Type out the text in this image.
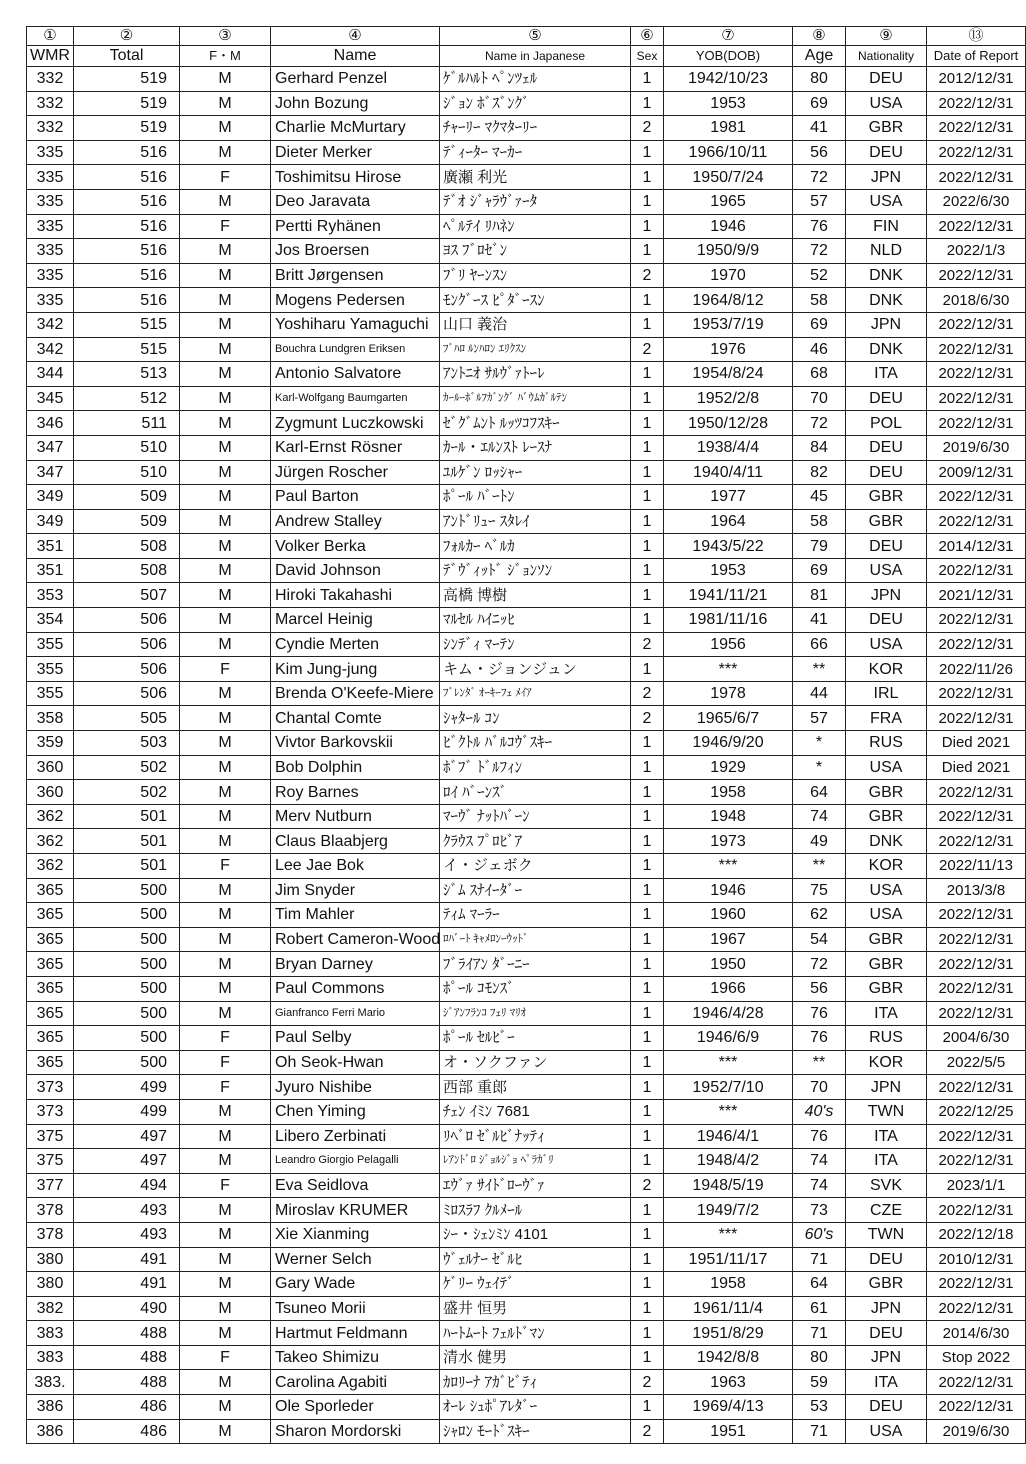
①	②	③	④	⑤	⑥	⑦	⑧	⑨	⑬
WMR	Total	F・M	Name	Name in Japanese	Sex	YOB(DOB)	Age	Nationality	Date of Report
332	519	M	Gerhard Penzel	ｹﾞﾙﾊﾙﾄ ﾍﾟﾝﾂｪﾙ	1	1942/10/23	80	DEU	2012/12/31
332	519	M	John Bozung	ｼﾞｮﾝ ﾎﾞｽﾞﾝｸﾞ	1	1953	69	USA	2022/12/31
332	519	M	Charlie McMurtary	ﾁｬｰﾘｰ ﾏｸﾏﾀｰﾘｰ	2	1981	41	GBR	2022/12/31
335	516	M	Dieter Merker	ﾃﾞｨｰﾀｰ ﾏｰｶｰ	1	1966/10/11	56	DEU	2022/12/31
335	516	F	Toshimitsu Hirose	廣瀬 利光	1	1950/7/24	72	JPN	2022/12/31
335	516	M	Deo Jaravata	ﾃﾞｵ ｼﾞｬﾗｳﾞｧｰﾀ	1	1965	57	USA	2022/6/30
335	516	F	Pertti Ryhänen	ﾍﾟﾙﾃｲ ﾘﾊﾈﾝ	1	1946	76	FIN	2022/12/31
335	516	M	Jos Broersen	ﾖｽ ﾌﾞﾛｾﾞﾝ	1	1950/9/9	72	NLD	2022/1/3
335	516	M	Britt Jørgensen	ﾌﾞﾘ ﾔｰﾝｽﾝ	2	1970	52	DNK	2022/12/31
335	516	M	Mogens Pedersen	ﾓﾝｸﾞｰｽ ﾋﾟﾀﾞｰｽﾝ	1	1964/8/12	58	DNK	2018/6/30
342	515	M	Yoshiharu Yamaguchi	山口 義治	1	1953/7/19	69	JPN	2022/12/31
342	515	M	Bouchra Lundgren Eriksen	ﾌﾞﾊﾛ ﾙﾝﾊﾛﾝ ｴﾘｸｽﾝ	2	1976	46	DNK	2022/12/31
344	513	M	Antonio Salvatore	ｱﾝﾄﾆｵ ｻﾙｳﾞｧﾄｰﾚ	1	1954/8/24	68	ITA	2022/12/31
345	512	M	Karl-Wolfgang Baumgarten	ｶｰﾙｰﾎﾞﾙﾌｶﾞﾝｸﾞ ﾊﾞｳﾑｶﾞﾙﾃﾝ	1	1952/2/8	70	DEU	2022/12/31
346	511	M	Zygmunt Luczkowski	ｾﾞｸﾞﾑﾝﾄ ﾙｯﾂｺﾌｽｷｰ	1	1950/12/28	72	POL	2022/12/31
347	510	M	Karl-Ernst Rösner	ｶｰﾙ・ｴﾙﾝｽﾄ ﾚｰｽﾅ	1	1938/4/4	84	DEU	2019/6/30
347	510	M	Jürgen Roscher	ﾕﾙｹﾞﾝ ﾛｯｼｬｰ	1	1940/4/11	82	DEU	2009/12/31
349	509	M	Paul Barton	ﾎﾟｰﾙ ﾊﾞｰﾄﾝ	1	1977	45	GBR	2022/12/31
349	509	M	Andrew Stalley	ｱﾝﾄﾞﾘｭｰ ｽﾀﾚｲ	1	1964	58	GBR	2022/12/31
351	508	M	Volker Berka	ﾌｫﾙｶｰ ﾍﾞﾙｶ	1	1943/5/22	79	DEU	2014/12/31
351	508	M	David Johnson	ﾃﾞｳﾞｨｯﾄﾞ ｼﾞｮﾝｿﾝ	1	1953	69	USA	2022/12/31
353	507	M	Hiroki Takahashi	高橋 博樹	1	1941/11/21	81	JPN	2021/12/31
354	506	M	Marcel Heinig	ﾏﾙｾﾙ ﾊｲﾆｯﾋ	1	1981/11/16	41	DEU	2022/12/31
355	506	M	Cyndie Merten	ｼﾝﾃﾞｨ ﾏｰﾃﾝ	2	1956	66	USA	2022/12/31
355	506	F	Kim Jung-jung	キム・ジョンジュン	1	***	**	KOR	2022/11/26
355	506	M	Brenda O'Keefe-Miere	ﾌﾞﾚﾝﾀﾞ ｵｰｷｰﾌｪ ﾒｲｱ	2	1978	44	IRL	2022/12/31
358	505	M	Chantal Comte	ｼｬﾀｰﾙ ｺﾝ	2	1965/6/7	57	FRA	2022/12/31
359	503	M	Vivtor Barkovskii	ﾋﾞｸﾄﾙ ﾊﾞﾙｺｳﾞｽｷｰ	1	1946/9/20	*	RUS	Died 2021
360	502	M	Bob Dolphin	ﾎﾞﾌﾞ ﾄﾞﾙﾌｨﾝ	1	1929	*	USA	Died 2021
360	502	M	Roy Barnes	ﾛｲ ﾊﾞｰﾝｽﾞ	1	1958	64	GBR	2022/12/31
362	501	M	Merv Nutburn	ﾏｰｳﾞ ﾅｯﾄﾊﾞｰﾝ	1	1948	74	GBR	2022/12/31
362	501	M	Claus Blaabjerg	ｸﾗｳｽ ﾌﾟﾛﾋﾞｱ	1	1973	49	DNK	2022/12/31
362	501	F	Lee Jae Bok	イ・ジェボク	1	***	**	KOR	2022/11/13
365	500	M	Jim Snyder	ｼﾞﾑ ｽﾅｲｰﾀﾞｰ	1	1946	75	USA	2013/3/8
365	500	M	Tim Mahler	ﾃｨﾑ ﾏｰﾗｰ	1	1960	62	USA	2022/12/31
365	500	M	Robert Cameron-Wood	ﾛﾊﾞｰﾄ ｷｬﾒﾛﾝｰｳｯﾄﾞ	1	1967	54	GBR	2022/12/31
365	500	M	Bryan Darney	ﾌﾞﾗｲｱﾝ ﾀﾞｰﾆｰ	1	1950	72	GBR	2022/12/31
365	500	M	Paul Commons	ﾎﾟｰﾙ ｺﾓﾝｽﾞ	1	1966	56	GBR	2022/12/31
365	500	M	Gianfranco Ferri Mario	ｼﾞｱﾝﾌﾗﾝｺ ﾌｪﾘ ﾏﾘｵ	1	1946/4/28	76	ITA	2022/12/31
365	500	F	Paul Selby	ﾎﾟｰﾙ ｾﾙﾋﾞｰ	1	1946/6/9	76	RUS	2004/6/30
365	500	F	Oh Seok-Hwan	オ・ソクファン	1	***	**	KOR	2022/5/5
373	499	F	Jyuro Nishibe	西部 重郎	1	1952/7/10	70	JPN	2022/12/31
373	499	M	Chen Yiming	ﾁｪﾝ ｲﾐﾝ 7681	1	***	40's	TWN	2022/12/25
375	497	M	Libero Zerbinati	ﾘﾍﾞﾛ ｾﾞﾙﾋﾞﾅｯﾃｨ	1	1946/4/1	76	ITA	2022/12/31
375	497	M	Leandro Giorgio Pelagalli	ﾚｱﾝﾄﾞﾛ ｼﾞｮﾙｼﾞｮ ﾍﾟﾗｶﾞﾘ	1	1948/4/2	74	ITA	2022/12/31
377	494	F	Eva Seidlova	ｴｳﾞｧ ｻｲﾄﾞﾛｰｳﾞｧ	2	1948/5/19	74	SVK	2023/1/1
378	493	M	Miroslav KRUMER	ﾐﾛｽﾗﾌ ｸﾙﾒｰﾙ	1	1949/7/2	73	CZE	2022/12/31
378	493	M	Xie Xianming	ｼｰ・ｼｪﾝﾐﾝ 4101	1	***	60's	TWN	2022/12/18
380	491	M	Werner Selch	ｳﾞｪﾙﾅｰ ｾﾞﾙﾋ	1	1951/11/17	71	DEU	2010/12/31
380	491	M	Gary Wade	ｹﾞﾘｰ ｳｪｲﾃﾞ	1	1958	64	GBR	2022/12/31
382	490	M	Tsuneo Morii	盛井 恒男	1	1961/11/4	61	JPN	2022/12/31
383	488	M	Hartmut Feldmann	ﾊｰﾄﾑｰﾄ ﾌｪﾙﾄﾞﾏﾝ	1	1951/8/29	71	DEU	2014/6/30
383	488	F	Takeo Shimizu	清水 健男	1	1942/8/8	80	JPN	Stop 2022
383.	488	M	Carolina Agabiti	ｶﾛﾘｰﾅ ｱｶﾞﾋﾞﾃｨ	2	1963	59	ITA	2022/12/31
386	486	M	Ole Sporleder	ｵｰﾚ ｼｭﾎﾟｱﾚﾀﾞｰ	1	1969/4/13	53	DEU	2022/12/31
386	486	M	Sharon Mordorski	ｼｬﾛﾝ ﾓｰﾄﾞｽｷｰ	2	1951	71	USA	2019/6/30
